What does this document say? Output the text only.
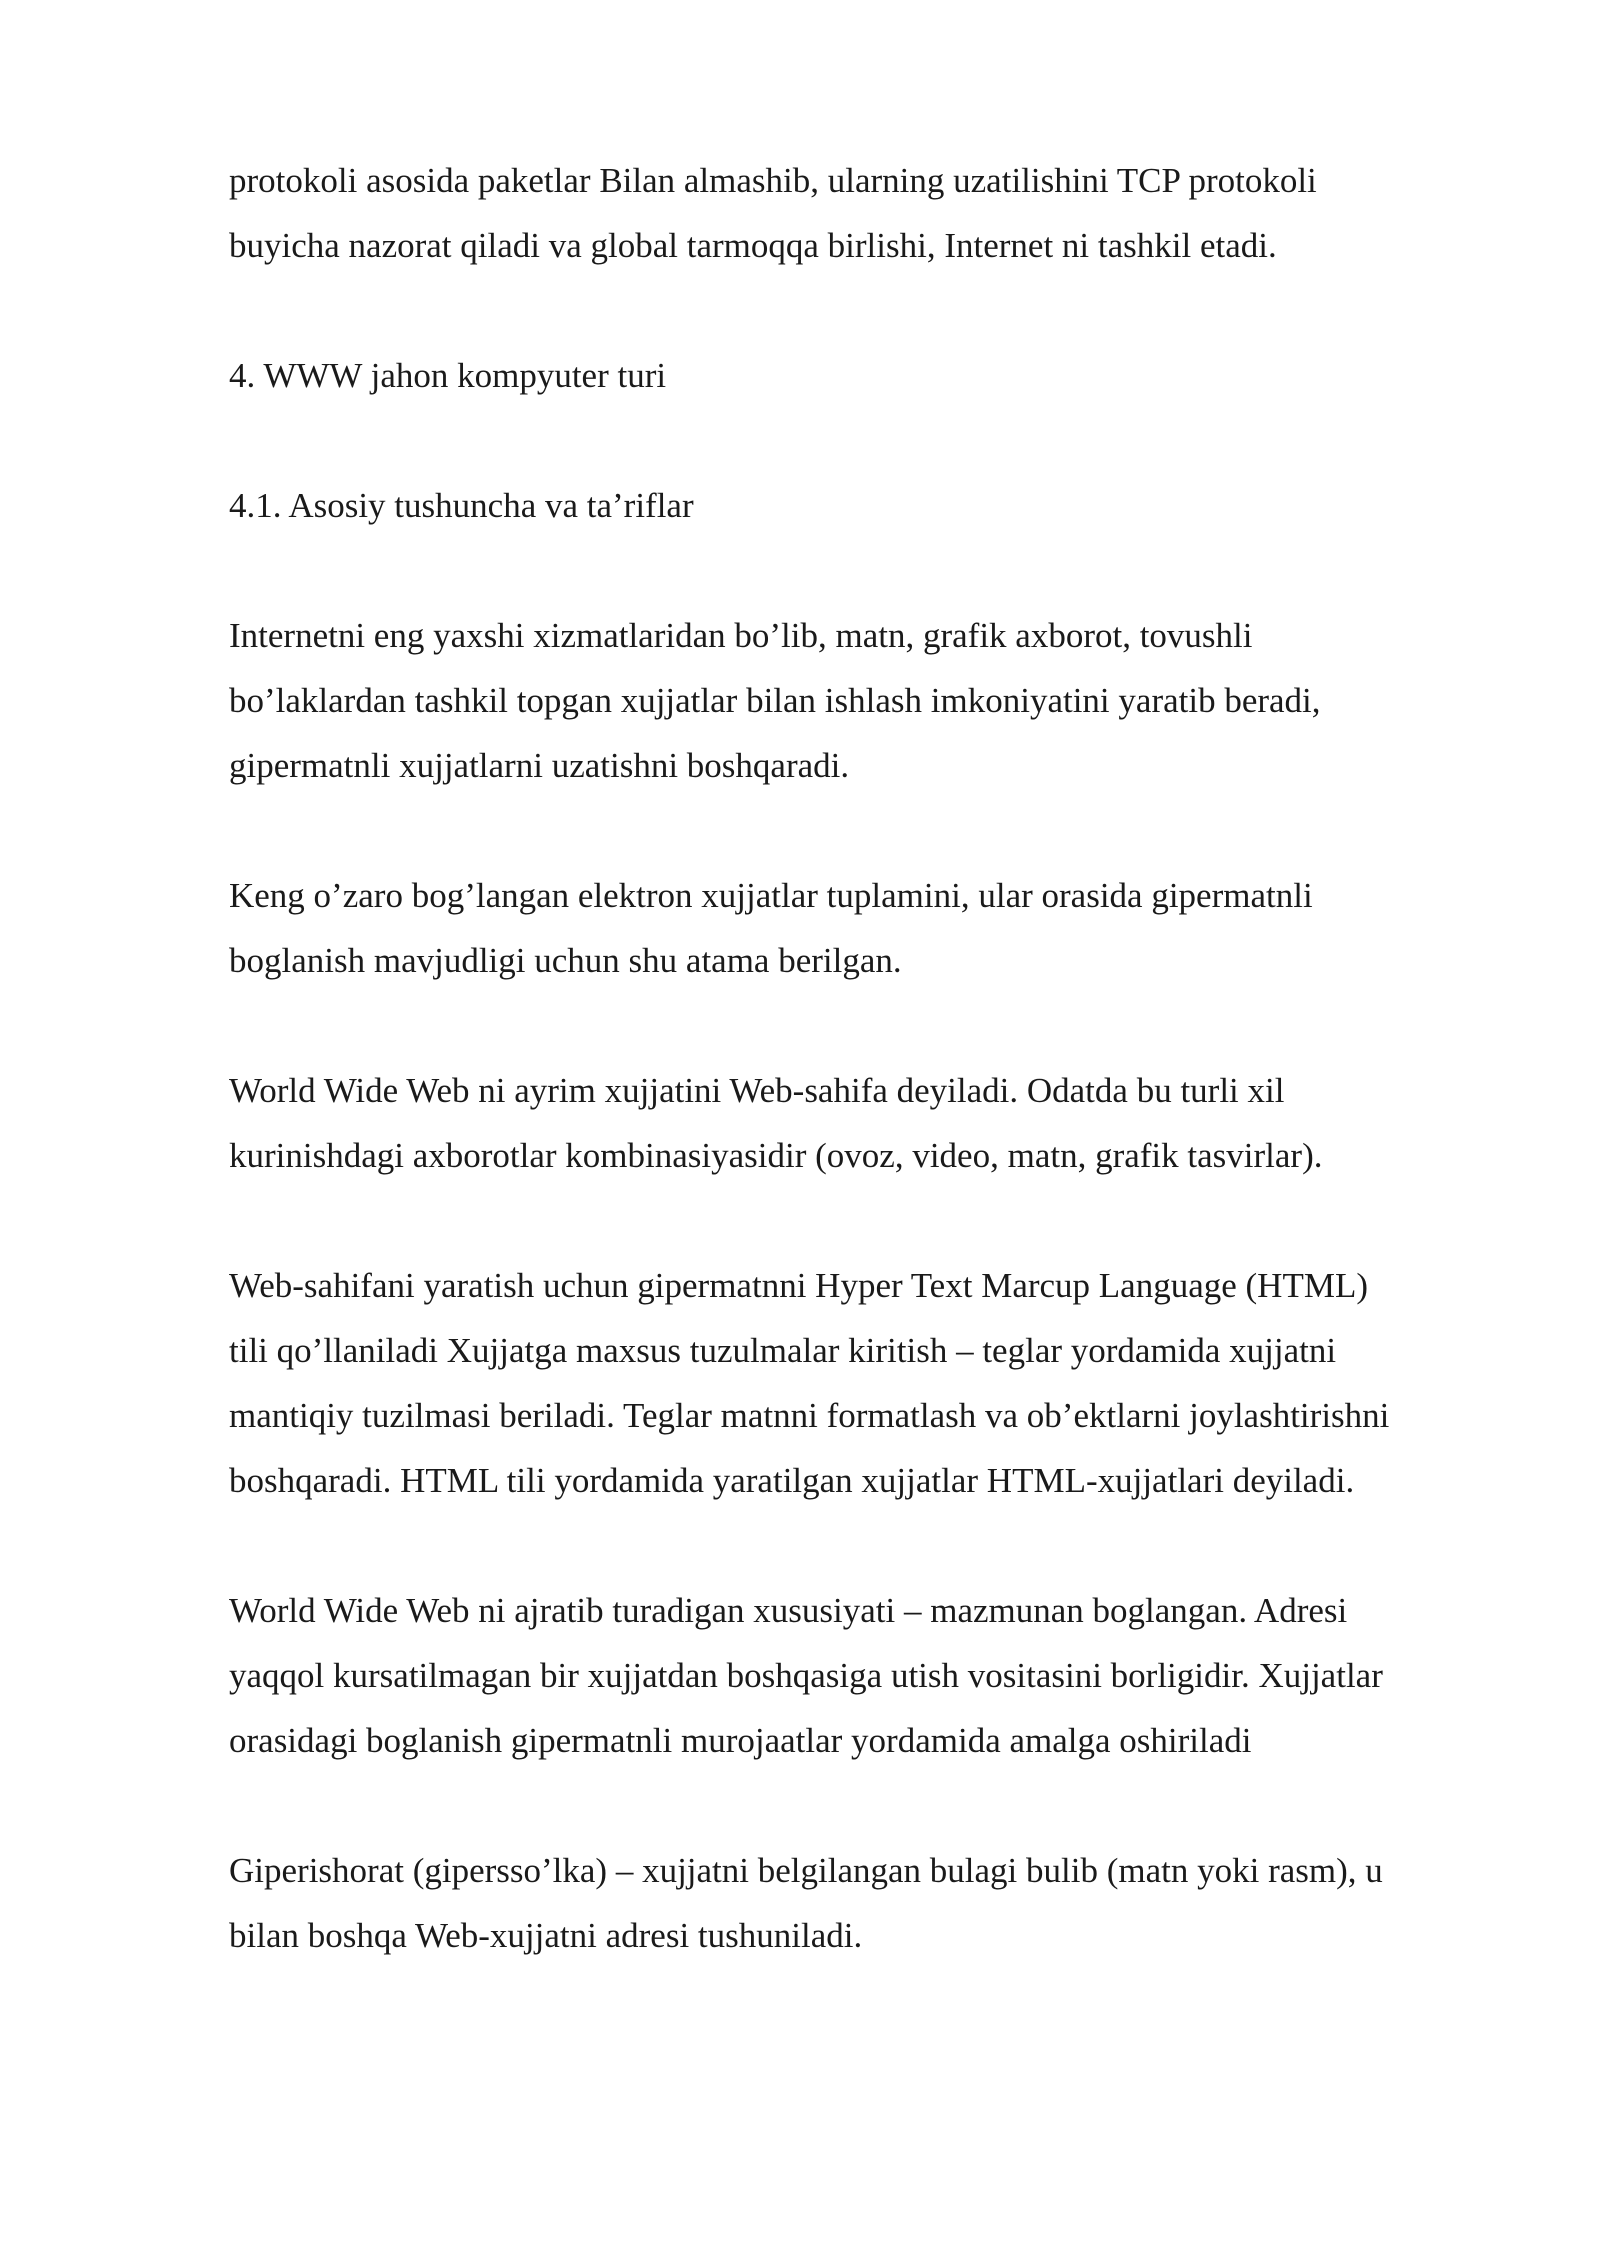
protokoli asosida paketlar Bilan almashib, ularning uzatilishini TCP protokoli
buyicha nazorat qiladi va global tarmoqqa birlishi, Internet ni tashkil etadi.

4. WWW jahon kompyuter turi

4.1. Asosiy tushuncha va ta’riflar

Internetni eng yaxshi xizmatlaridan bo’lib, matn, grafik axborot, tovushli
bo’laklardan tashkil topgan xujjatlar bilan ishlash imkoniyatini yaratib beradi,
gipermatnli xujjatlarni uzatishni boshqaradi.

Keng o’zaro bog’langan elektron xujjatlar tuplamini, ular orasida gipermatnli
boglanish mavjudligi uchun shu atama berilgan.

World Wide Web ni ayrim xujjatini Web-sahifa deyiladi. Odatda bu turli xil
kurinishdagi axborotlar kombinasiyasidir (ovoz, video, matn, grafik tasvirlar).

Web-sahifani yaratish uchun gipermatnni Hyper Text Marcup Language (HTML)
tili qo’llaniladi Xujjatga maxsus tuzulmalar kiritish – teglar yordamida xujjatni
mantiqiy tuzilmasi beriladi. Teglar matnni formatlash va ob’ektlarni joylashtirishni
boshqaradi. HTML tili yordamida yaratilgan xujjatlar HTML-xujjatlari deyiladi.

World Wide Web ni ajratib turadigan xususiyati – mazmunan boglangan. Adresi
yaqqol kursatilmagan bir xujjatdan boshqasiga utish vositasini borligidir. Xujjatlar
orasidagi boglanish gipermatnli murojaatlar yordamida amalga oshiriladi

Giperishorat (gipersso’lka) – xujjatni belgilangan bulagi bulib (matn yoki rasm), u
bilan boshqa Web-xujjatni adresi tushuniladi.
